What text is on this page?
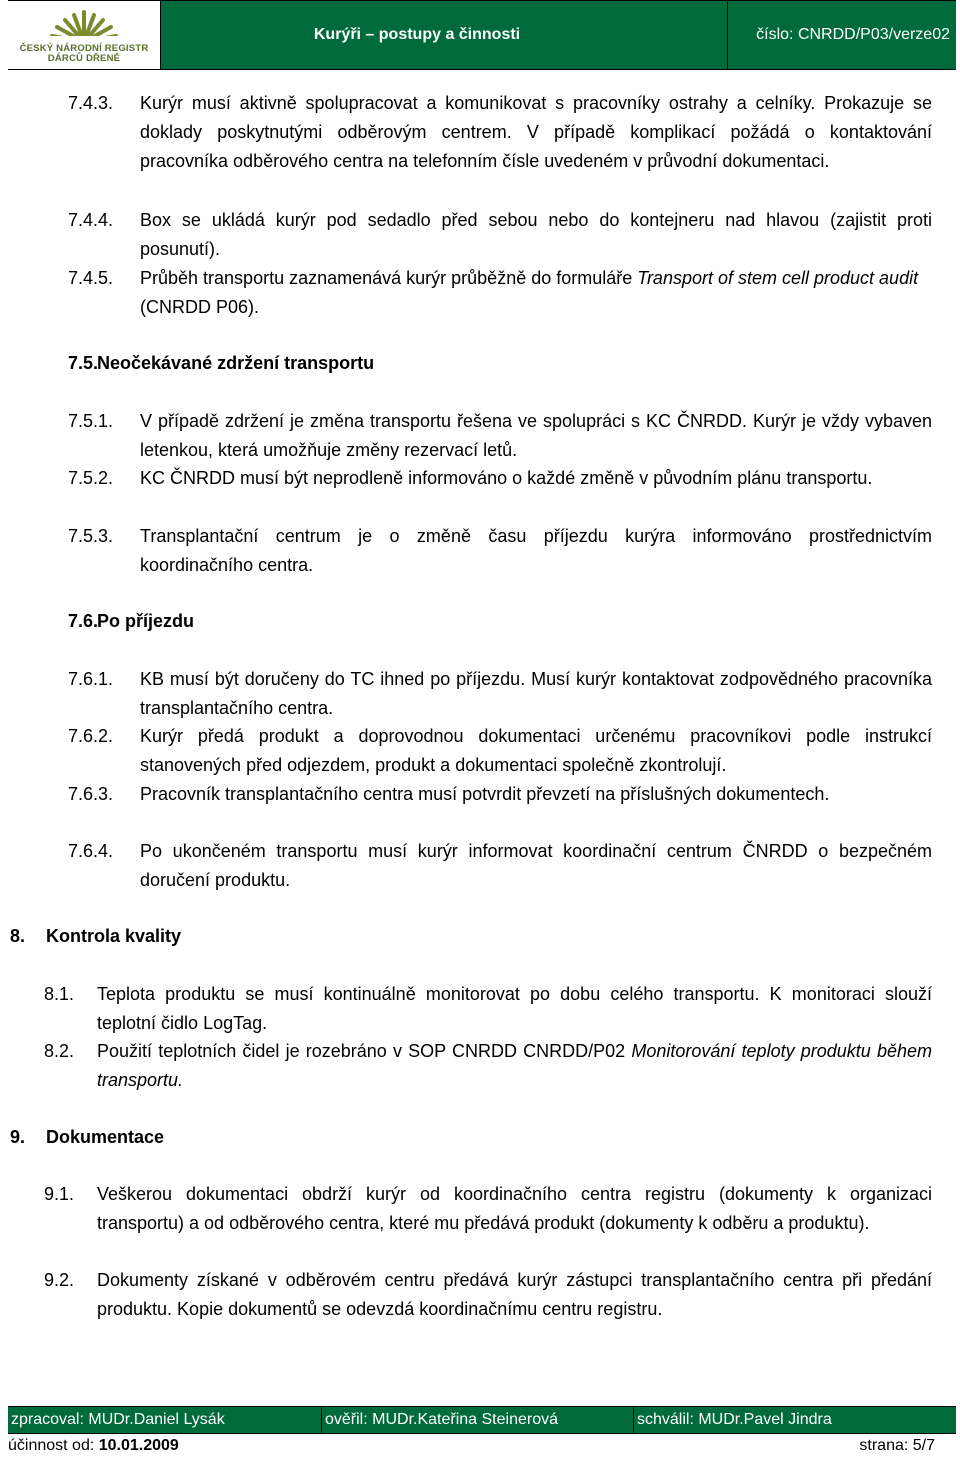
ČESKÝ NÁRODNÍ REGISTR
DÁRCŮ DŘENĚ
Kurýři – postupy a činnosti	číslo: CNRDD/P03/verze02
7.4.3. Kurýr musí aktivně spolupracovat a komunikovat s pracovníky ostrahy a celníky. Prokazuje se doklady poskytnutými odběrovým centrem. V případě komplikací požádá o kontaktování pracovníka odběrového centra na telefonním čísle uvedeném v průvodní dokumentaci.
7.4.4. Box se ukládá kurýr pod sedadlo před sebou nebo do kontejneru nad hlavou (zajistit proti posunutí).
7.4.5. Průběh transportu zaznamenává kurýr průběžně do formuláře Transport of stem cell product audit (CNRDD P06).
7.5.
Neočekávané zdržení transportu
7.5.1. V případě zdržení je změna transportu řešena ve spolupráci s KC ČNRDD. Kurýr je vždy vybaven letenkou, která umožňuje změny rezervací letů.
7.5.2. KC ČNRDD musí být neprodleně informováno o každé změně v původním plánu transportu.
7.5.3. Transplantační centrum je o změně času příjezdu kurýra informováno prostřednictvím koordinačního centra.
7.6.
Po příjezdu
7.6.1. KB musí být doručeny do TC ihned po příjezdu. Musí kurýr kontaktovat zodpovědného pracovníka transplantačního centra.
7.6.2. Kurýr předá produkt a doprovodnou dokumentaci určenému pracovníkovi podle instrukcí stanovených před odjezdem, produkt a dokumentaci společně zkontrolují.
7.6.3. Pracovník transplantačního centra musí potvrdit převzetí na příslušných dokumentech.
7.6.4. Po ukončeném transportu musí kurýr informovat koordinační centrum ČNRDD o bezpečném doručení produktu.
8. Kontrola kvality
8.1. Teplota produktu se musí kontinuálně monitorovat po dobu celého transportu. K monitoraci slouží teplotní čidlo LogTag.
8.2. Použití teplotních čidel je rozebráno v SOP CNRDD CNRDD/P02 Monitorování teploty produktu během transportu.
9. Dokumentace
9.1. Veškerou dokumentaci obdrží kurýr od koordinačního centra registru (dokumenty k organizaci transportu) a od odběrového centra, které mu předává produkt (dokumenty k odběru a produktu).
9.2. Dokumenty získané v odběrovém centru předává kurýr zástupci transplantačního centra při předání produktu. Kopie dokumentů se odevzdá koordinačnímu centru registru.
zpracoval: MUDr.Daniel Lysák	ověřil: MUDr.Kateřina Steinerová	schválil: MUDr.Pavel Jindra
účinnost od: 10.01.2009	strana: 5/7
